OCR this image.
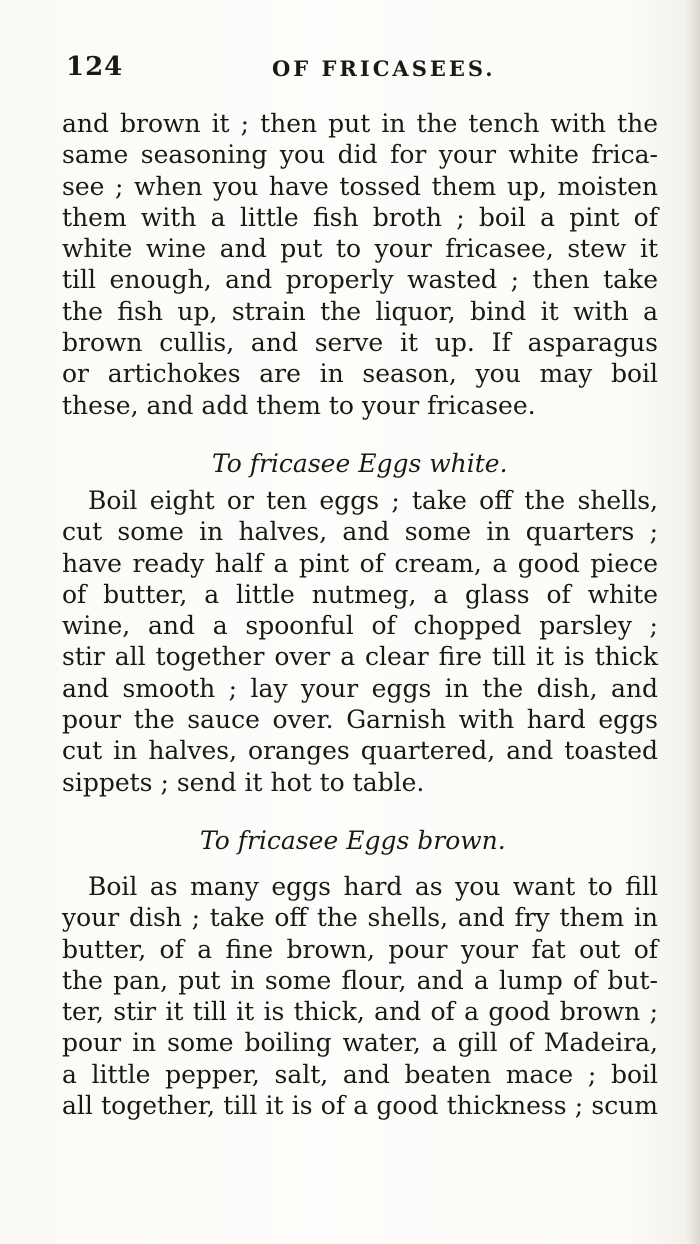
124	OF FRICASEES.
and brown it ; then put in the tench with the
same seasoning you did for your white frica-
see ; when you have tossed them up, moisten
them with a little fish broth ; boil a pint of
white wine and put to your fricasee, stew it
till enough, and properly wasted ; then take
the fish up, strain the liquor, bind it with a
brown cullis, and serve it up. If asparagus
or artichokes are in season, you may boil
these, and add them to your fricasee.
To fricasee Eggs white.
Boil eight or ten eggs ; take off the shells,
cut some in halves, and some in quarters ;
have ready half a pint of cream, a good piece
of butter, a little nutmeg, a glass of white
wine, and a spoonful of chopped parsley ;
stir all together over a clear fire till it is thick
and smooth ; lay your eggs in the dish, and
pour the sauce over. Garnish with hard eggs
cut in halves, oranges quartered, and toasted
sippets ; send it hot to table.
To fricasee Eggs brown.
Boil as many eggs hard as you want to fill
your dish ; take off the shells, and fry them in
butter, of a fine brown, pour your fat out of
the pan, put in some flour, and a lump of but-
ter, stir it till it is thick, and of a good brown ;
pour in some boiling water, a gill of Madeira,
a little pepper, salt, and beaten mace ; boil
all together, till it is of a good thickness ; scum
